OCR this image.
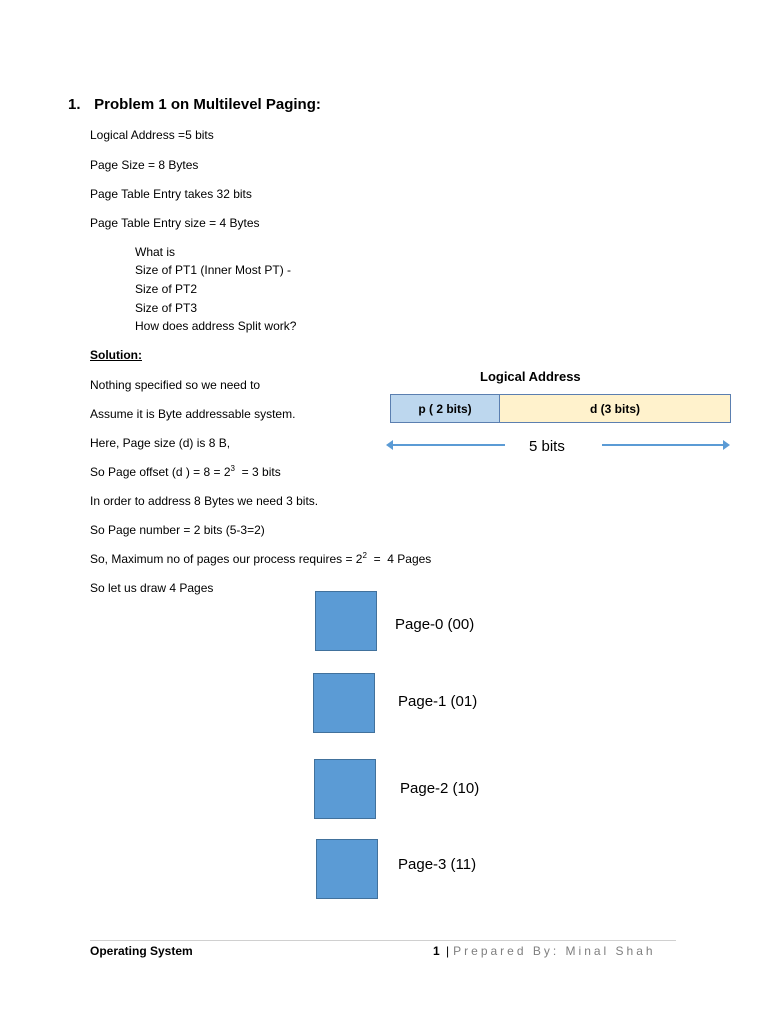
1. Problem 1 on Multilevel Paging:
Logical Address =5 bits
Page Size = 8 Bytes
Page Table Entry takes 32 bits
Page Table Entry size = 4 Bytes
What is
Size of PT1 (Inner Most PT) -
Size of PT2
Size of PT3
How does address Split work?
Solution:
Nothing specified so we need to
Assume it is Byte addressable system.
Here, Page size (d) is 8 B,
So Page offset (d ) = $8 = 2^3 = 3$ bits
In order to address 8 Bytes we need 3 bits.
So Page number = 2 bits (5-3=2)
So, Maximum no of pages our process requires = $2^2 = 4$ Pages
So let us draw 4 Pages
Logical Address
p ( 2 bits)	d (3 bits)
5 bits
Page-0 (00)
Page-1 (01)
Page-2 (10)
Page-3 (11)
Operating System	1 | Prepared By: Minal Shah
